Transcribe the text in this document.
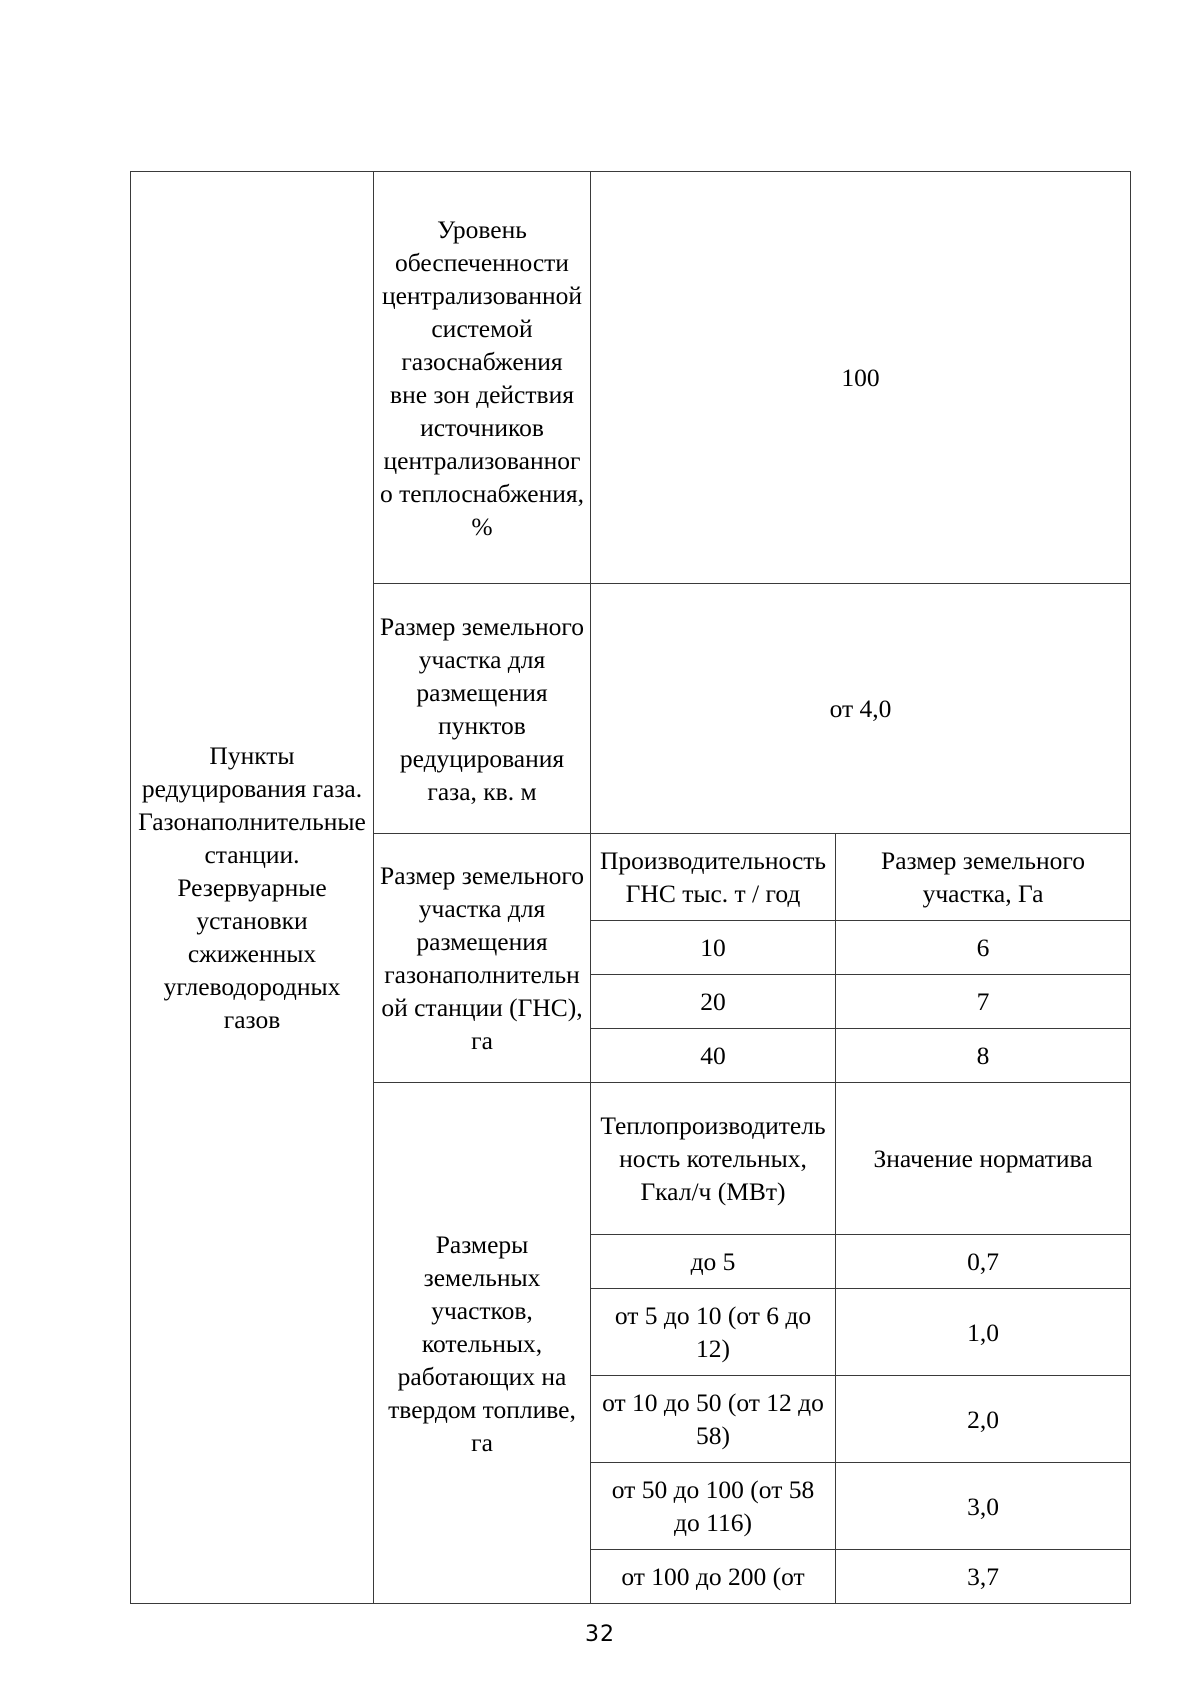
Пункты редуцирования газа. Газонаполнительные станции. Резервуарные установки сжиженных углеводородных газов	Уровень обеспеченности централизованной системой газоснабжения вне зон действия источников централизованного теплоснабжения, %	100	
	Размер земельного участка для размещения пунктов редуцирования газа, кв. м	от 4,0	
	Размер земельного участка для размещения газонаполнительной станции (ГНС), га	Производительность ГНС тыс. т / год	Размер земельного участка, Га
		10	6
		20	7
		40	8
	Размеры земельных участков, котельных, работающих на твердом топливе, га	Теплопроизводительность котельных, Гкал/ч (МВт)	Значение норматива
		до 5	0,7
		от 5 до 10 (от 6 до 12)	1,0
		от 10 до 50 (от 12 до 58)	2,0
		от 50 до 100 (от 58 до 116)	3,0
		от 100 до 200 (от	3,7
32
